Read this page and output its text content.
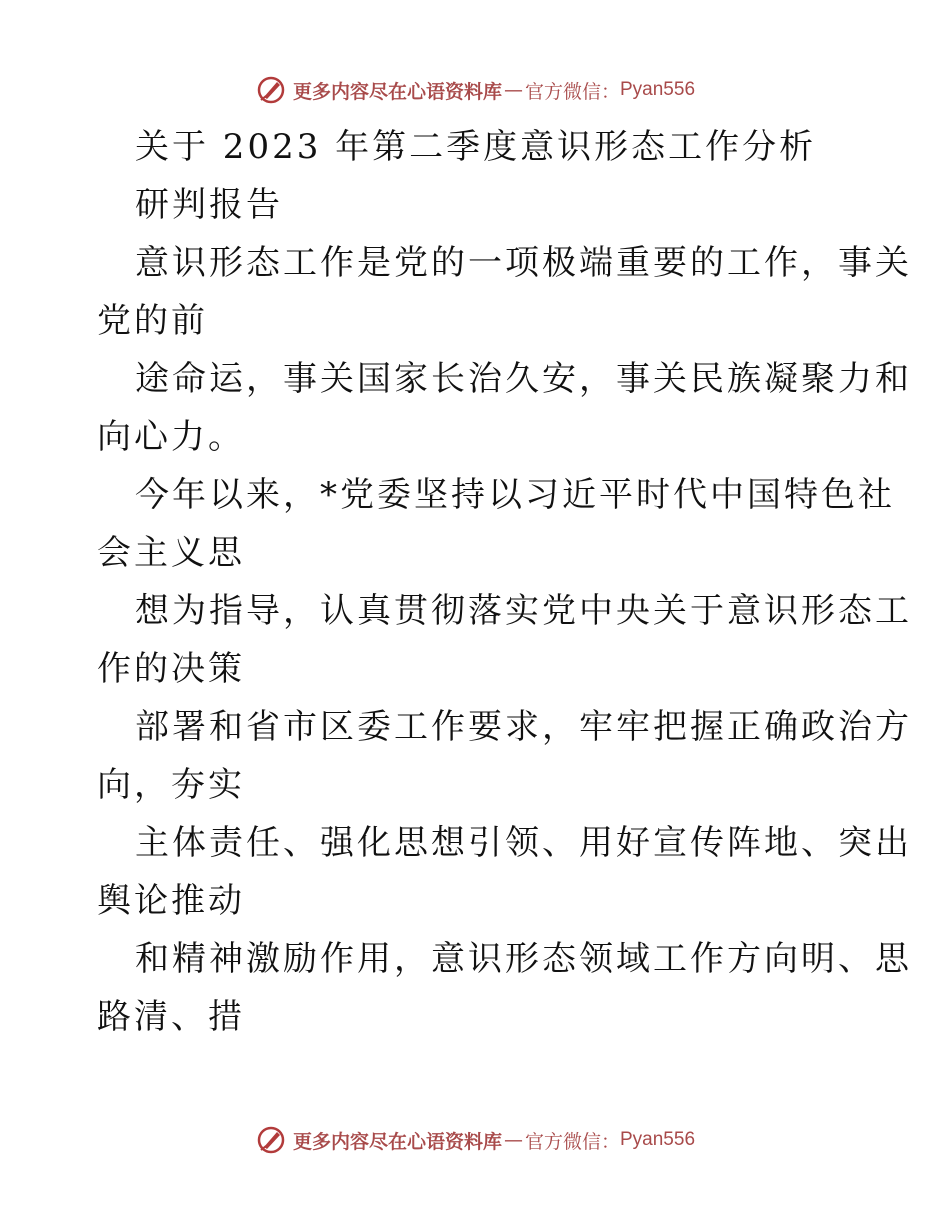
更多内容尽在心语资料库 — 官方微信： Pyan556
关于 2023 年第二季度意识形态工作分析
研判报告
意识形态工作是党的一项极端重要的工作，事关
党的前
途命运，事关国家长治久安，事关民族凝聚力和
向心力。
今年以来，*党委坚持以习近平时代中国特色社
会主义思
想为指导，认真贯彻落实党中央关于意识形态工
作的决策
部署和省市区委工作要求，牢牢把握正确政治方
向，夯实
主体责任、强化思想引领、用好宣传阵地、突出
舆论推动
和精神激励作用，意识形态领域工作方向明、思
路清、措
更多内容尽在心语资料库 — 官方微信： Pyan556
